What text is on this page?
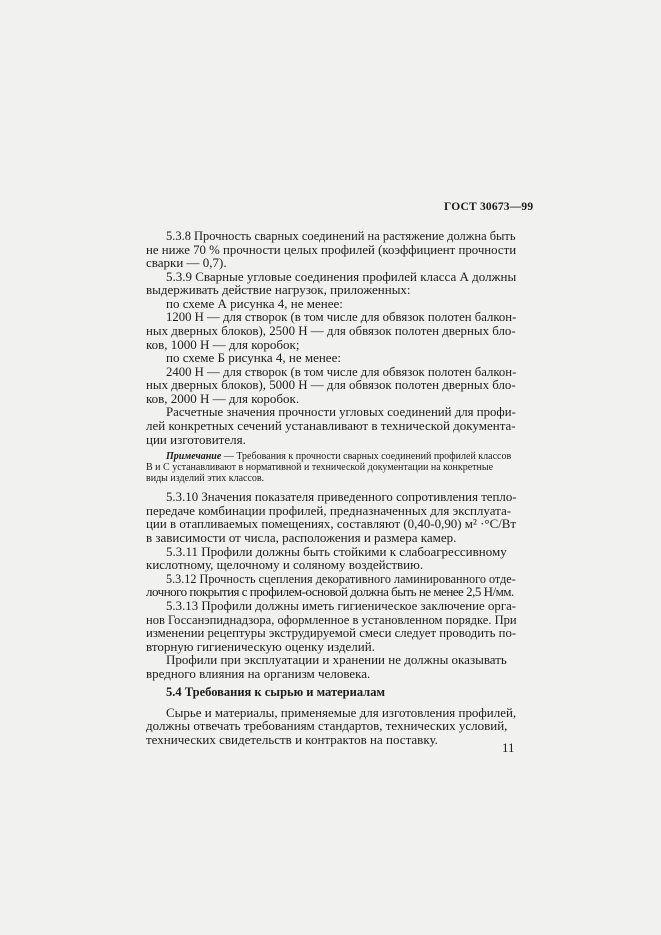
ГОСТ 30673—99
5.3.8 Прочность сварных соединений на растяжение должна быть
не ниже 70 % прочности целых профилей (коэффициент прочности
сварки — 0,7).
5.3.9 Сварные угловые соединения профилей класса А должны
выдерживать действие нагрузок, приложенных:
по схеме А рисунка 4, не менее:
1200 Н — для створок (в том числе для обвязок полотен балкон-
ных дверных блоков), 2500 Н — для обвязок полотен дверных бло-
ков, 1000 Н — для коробок;
по схеме Б рисунка 4, не менее:
2400 Н — для створок (в том числе для обвязок полотен балкон-
ных дверных блоков), 5000 Н — для обвязок полотен дверных бло-
ков, 2000 Н — для коробок.
Расчетные значения прочности угловых соединений для профи-
лей конкретных сечений устанавливают в технической документа-
ции изготовителя.
Примечание — Требования к прочности сварных соединений профилей классов
В и С устанавливают в нормативной и технической документации на конкретные
виды изделий этих классов.
5.3.10 Значения показателя приведенного сопротивления тепло-
передаче комбинации профилей, предназначенных для эксплуата-
ции в отапливаемых помещениях, составляют (0,40-0,90) м² ·°С/Вт
в зависимости от числа, расположения и размера камер.
5.3.11 Профили должны быть стойкими к слабоагрессивному
кислотному, щелочному и соляному воздействию.
5.3.12 Прочность сцепления декоративного ламинированного отде-
лочного покрытия с профилем-основой должна быть не менее 2,5 Н/мм.
5.3.13 Профили должны иметь гигиеническое заключение орга-
нов Госсанэпиднадзора, оформленное в установленном порядке. При
изменении рецептуры экструдируемой смеси следует проводить по-
вторную гигиеническую оценку изделий.
Профили при эксплуатации и хранении не должны оказывать
вредного влияния на организм человека.
5.4 Требования к сырью и материалам
Сырье и материалы, применяемые для изготовления профилей,
должны отвечать требованиям стандартов, технических условий,
технических свидетельств и контрактов на поставку.
11
